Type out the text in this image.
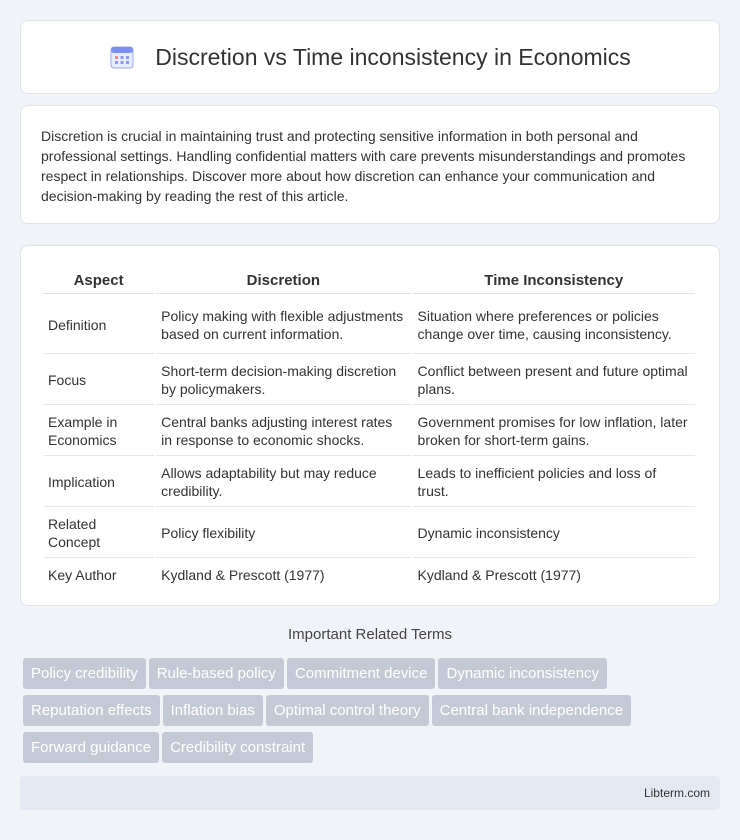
Discretion vs Time inconsistency in Economics

Discretion is crucial in maintaining trust and protecting sensitive information in both personal and professional settings. Handling confidential matters with care prevents misunderstandings and promotes respect in relationships. Discover more about how discretion can enhance your communication and decision-making by reading the rest of this article.

Aspect	Discretion	Time Inconsistency
Definition	Policy making with flexible adjustments based on current information.	Situation where preferences or policies change over time, causing inconsistency.
Focus	Short-term decision-making discretion by policymakers.	Conflict between present and future optimal plans.
Example in Economics	Central banks adjusting interest rates in response to economic shocks.	Government promises for low inflation, later broken for short-term gains.
Implication	Allows adaptability but may reduce credibility.	Leads to inefficient policies and loss of trust.
Related Concept	Policy flexibility	Dynamic inconsistency
Key Author	Kydland & Prescott (1977)	Kydland & Prescott (1977)
Important Related Terms
Policy credibility Rule-based policy Commitment device Dynamic inconsistency
Reputation effects Inflation bias Optimal control theory Central bank independence
Forward guidance Credibility constraint
Libterm.com
